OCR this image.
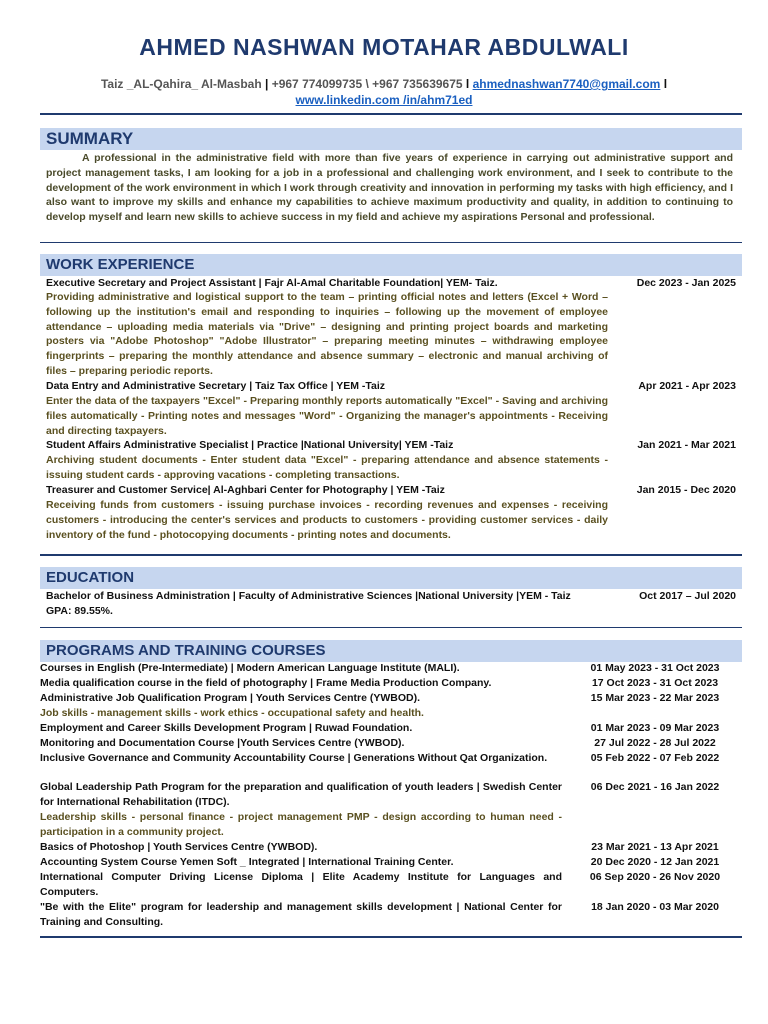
AHMED NASHWAN MOTAHAR ABDULWALI
Taiz _AL-Qahira_ Al-Masbah | +967 774099735 \ +967 735639675 l ahmednashwan7740@gmail.com l
www.linkedin.com /in/ahm71ed
SUMMARY
A professional in the administrative field with more than five years of experience in carrying out administrative support and project management tasks, I am looking for a job in a professional and challenging work environment, and I seek to contribute to the development of the work environment in which I work through creativity and innovation in performing my tasks with high efficiency, and I also want to improve my skills and enhance my capabilities to achieve maximum productivity and quality, in addition to continuing to develop myself and learn new skills to achieve success in my field and achieve my aspirations Personal and professional.
WORK EXPERIENCE
Executive Secretary and Project Assistant | Fajr Al-Amal Charitable Foundation| YEM- Taiz.	Dec 2023 - Jan 2025
Providing administrative and logistical support to the team – printing official notes and letters (Excel + Word – following up the institution's email and responding to inquiries – following up the movement of employee attendance – uploading media materials via "Drive" – designing and printing project boards and marketing posters via "Adobe Photoshop" "Adobe Illustrator" – preparing meeting minutes – withdrawing employee fingerprints – preparing the monthly attendance and absence summary – electronic and manual archiving of files – preparing periodic reports.
Data Entry and Administrative Secretary | Taiz Tax Office | YEM -Taiz	Apr 2021 - Apr 2023
Enter the data of the taxpayers "Excel" - Preparing monthly reports automatically "Excel" - Saving and archiving files automatically - Printing notes and messages "Word" - Organizing the manager's appointments - Receiving and directing taxpayers.
Student Affairs Administrative Specialist | Practice |National University| YEM -Taiz	Jan 2021 - Mar 2021
Archiving student documents - Enter student data "Excel" - preparing attendance and absence statements - issuing student cards - approving vacations - completing transactions.
Treasurer and Customer Service| Al-Aghbari Center for Photography | YEM -Taiz	Jan 2015 - Dec 2020
Receiving funds from customers - issuing purchase invoices - recording revenues and expenses - receiving customers - introducing the center's services and products to customers - providing customer services - daily inventory of the fund - photocopying documents - printing notes and documents.
EDUCATION
Bachelor of Business Administration | Faculty of Administrative Sciences |National University |YEM - Taiz	Oct 2017 – Jul 2020
GPA: 89.55%.
PROGRAMS AND TRAINING COURSES
Courses in English (Pre-Intermediate) | Modern American Language Institute (MALI).	01 May 2023 - 31 Oct 2023
Media qualification course in the field of photography | Frame Media Production Company.	17 Oct 2023 - 31 Oct 2023
Administrative Job Qualification Program | Youth Services Centre (YWBOD).	15 Mar 2023 - 22 Mar 2023
Job skills - management skills - work ethics - occupational safety and health.
Employment and Career Skills Development Program | Ruwad Foundation.	01 Mar 2023 - 09 Mar 2023
Monitoring and Documentation Course |Youth Services Centre (YWBOD).	27 Jul 2022 - 28 Jul 2022
Inclusive Governance and Community Accountability Course | Generations Without Qat Organization.	05 Feb 2022 - 07 Feb 2022
Global Leadership Path Program for the preparation and qualification of youth leaders | Swedish Center for International Rehabilitation (ITDC).
06 Dec 2021 - 16 Jan 2022
Leadership skills - personal finance - project management PMP - design according to human need - participation in a community project.
Basics of Photoshop | Youth Services Centre (YWBOD).	23 Mar 2021 - 13 Apr 2021
Accounting System Course Yemen Soft _ Integrated | International Training Center.	20 Dec 2020 - 12 Jan 2021
International Computer Driving License Diploma | Elite Academy Institute for Languages and Computers.
06 Sep 2020 - 26 Nov 2020
"Be with the Elite" program for leadership and management skills development | National Center for Training and Consulting.
18 Jan 2020 - 03 Mar 2020
